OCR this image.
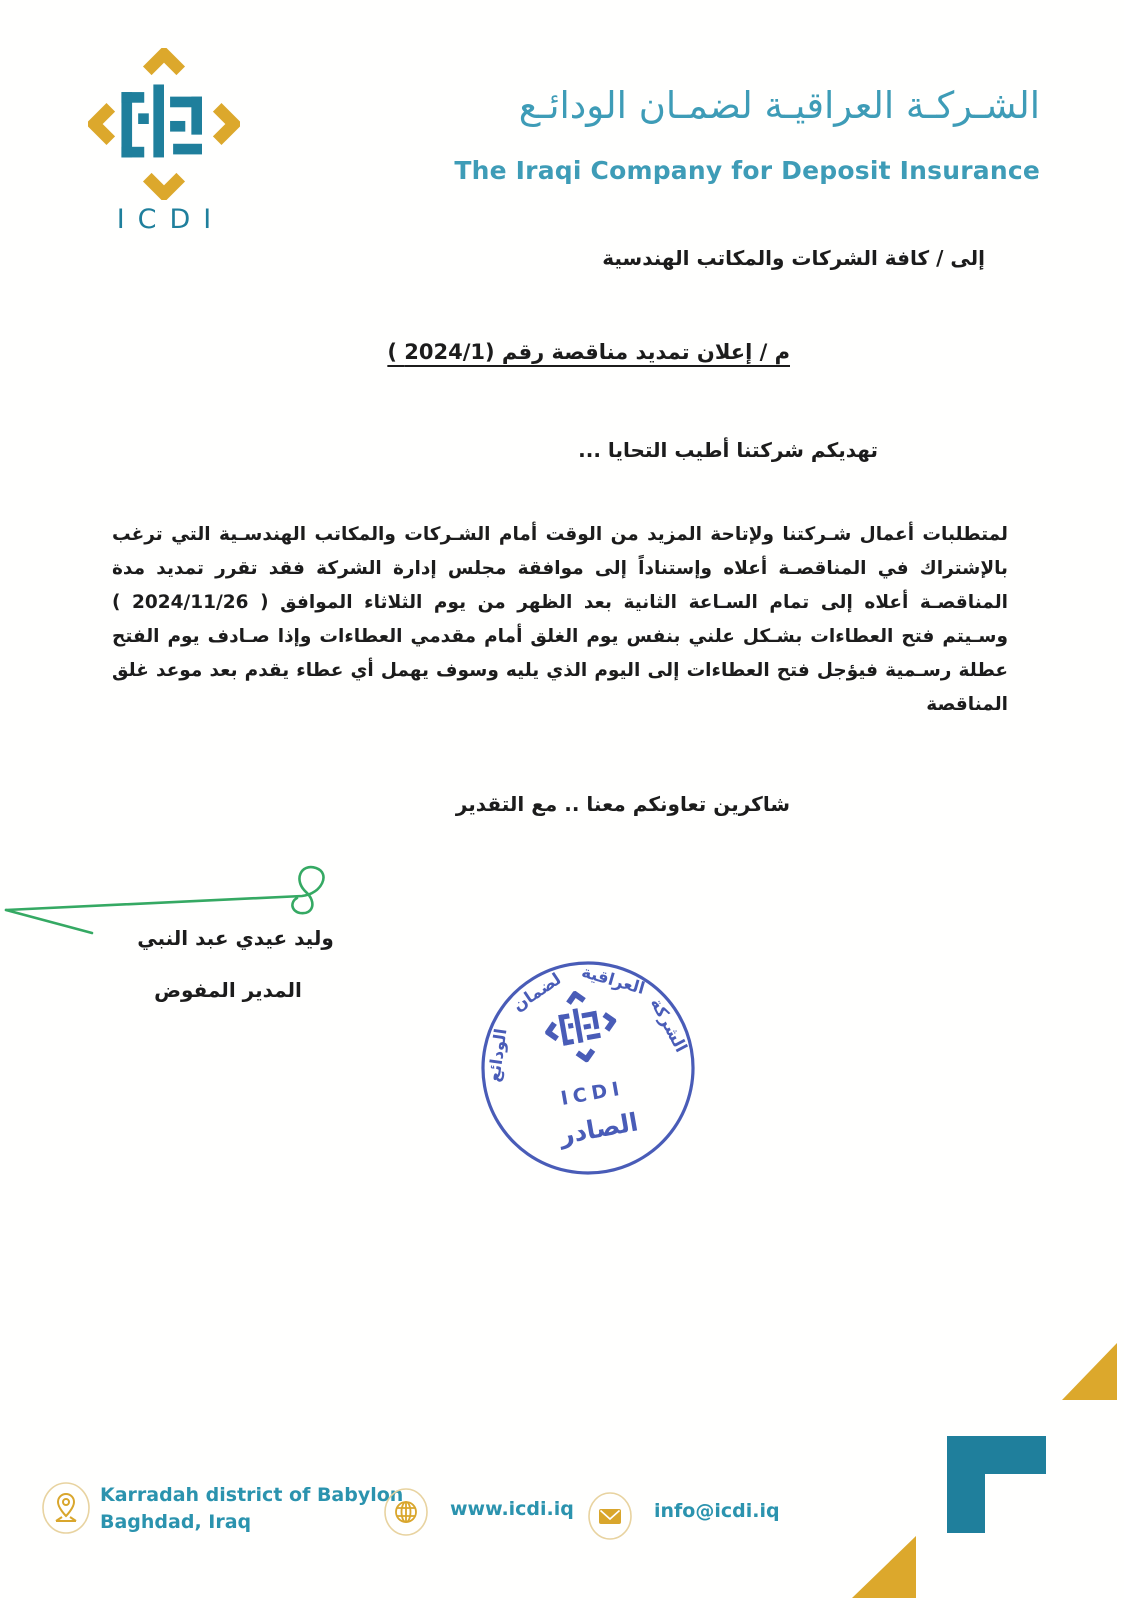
ICDI
الشـركـة العراقيـة لضمـان الودائـع
The Iraqi Company for Deposit Insurance
إلى / كافة الشركات والمكاتب الهندسية
م / إعلان تمديد مناقصة رقم (2024/1 )
تهديكم شركتنا أطيب التحايا ...
لمتطلبات أعمال شـركتنا ولإتاحة المزيد من الوقت أمام الشـركات والمكاتب الهندسـية التي ترغب بالإشتراك في المناقصـة أعلاه وإستناداً إلى موافقة مجلس إدارة الشركة فقد تقرر تمديد مدة المناقصـة أعلاه إلى تمام السـاعة الثانية بعد الظهر من يوم الثلاثاء الموافق ( 2024/11/26 ) وسـيتم فتح العطاءات بشـكل علني بنفس يوم الغلق أمام مقدمي العطاءات وإذا صـادف يوم الفتح عطلة رسـمية فيؤجل فتح العطاءات إلى اليوم الذي يليه وسوف يهمل أي عطاء يقدم بعد موعد غلق المناقصة
شاكرين تعاونكم معنا .. مع التقدير
وليد عيدي عبد النبي
المدير المفوض
الشركة
العراقية
لضمان
الودائع
ICDI
الصادر
Karradah district of Babylon
Baghdad, Iraq
www.icdi.iq	info@icdi.iq
